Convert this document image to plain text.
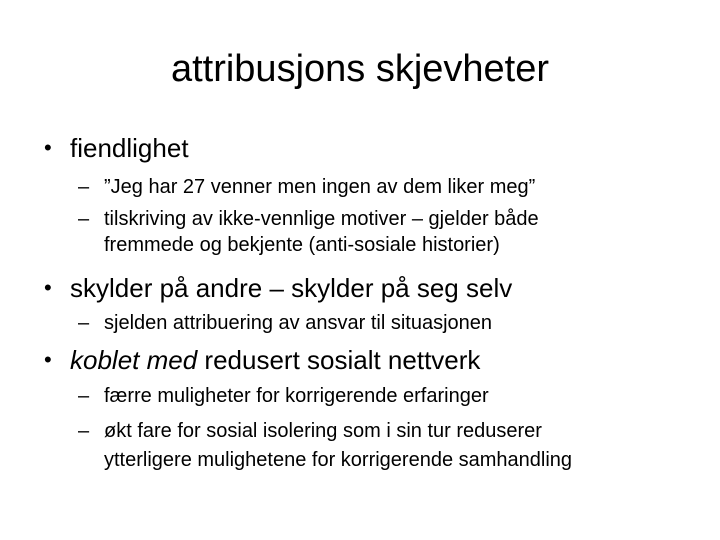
attribusjons skjevheter
• fiendlighet
– ”Jeg har 27 venner men ingen av dem liker meg”
– tilskriving av ikke-vennlige motiver – gjelder både
fremmede og bekjente (anti-sosiale historier)
• skylder på andre – skylder på seg selv
– sjelden attribuering av ansvar til situasjonen
• koblet med redusert sosialt nettverk
– færre muligheter for korrigerende erfaringer
– økt fare for sosial isolering som i sin tur reduserer
ytterligere mulighetene for korrigerende samhandling
